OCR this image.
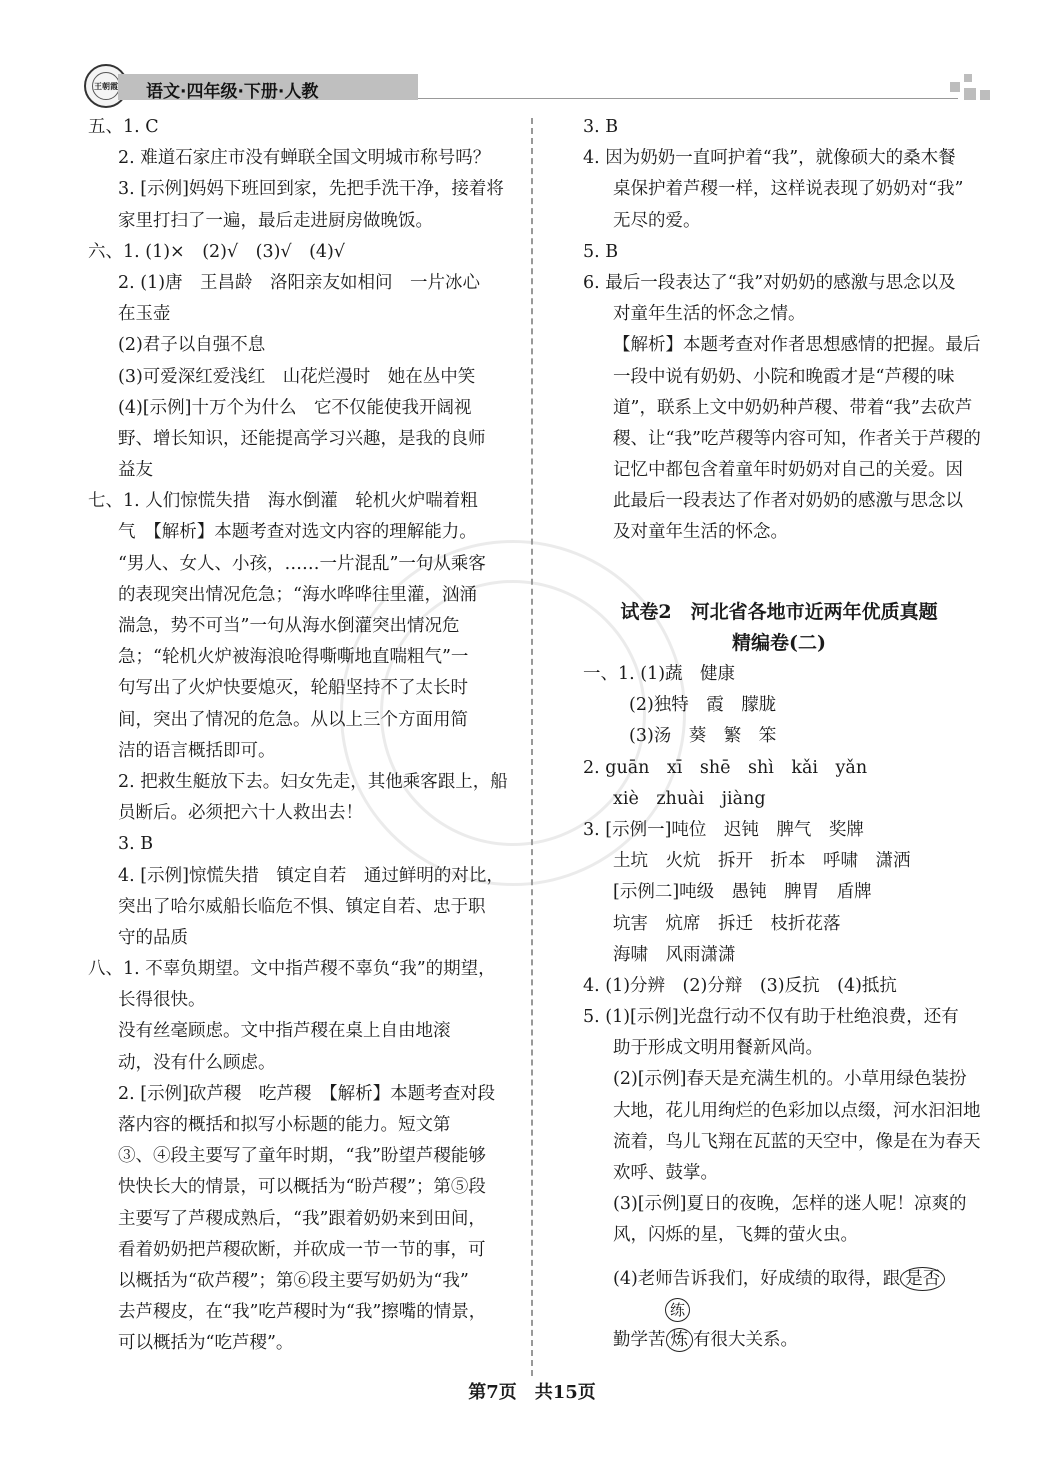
王朝霞 语文·四年级·下册·人教
五、1. C
2. 难道石家庄市没有蝉联全国文明城市称号吗？
3. [示例]妈妈下班回到家，先把手洗干净，接着将
家里打扫了一遍，最后走进厨房做晚饭。
六、1. (1)×　(2)√　(3)√　(4)√
2. (1)唐　王昌龄　洛阳亲友如相问　一片冰心
在玉壶
(2)君子以自强不息
(3)可爱深红爱浅红　山花烂漫时　她在丛中笑
(4)[示例]十万个为什么　它不仅能使我开阔视
野、增长知识，还能提高学习兴趣，是我的良师
益友
七、1. 人们惊慌失措　海水倒灌　轮机火炉喘着粗
气　【解析】本题考查对选文内容的理解能力。
“男人、女人、小孩，……一片混乱”一句从乘客
的表现突出情况危急；“海水哗哗往里灌，汹涌
湍急，势不可当”一句从海水倒灌突出情况危
急；“轮机火炉被海浪呛得嘶嘶地直喘粗气”一
句写出了火炉快要熄灭，轮船坚持不了太长时
间，突出了情况的危急。从以上三个方面用简
洁的语言概括即可。
2. 把救生艇放下去。妇女先走，其他乘客跟上，船
员断后。必须把六十人救出去！
3. B
4. [示例]惊慌失措　镇定自若　通过鲜明的对比，
突出了哈尔威船长临危不惧、镇定自若、忠于职
守的品质
八、1. 不辜负期望。文中指芦稷不辜负“我”的期望，
长得很快。
没有丝毫顾虑。文中指芦稷在桌上自由地滚
动，没有什么顾虑。
2. [示例]砍芦稷　吃芦稷　【解析】本题考查对段
落内容的概括和拟写小标题的能力。短文第
③、④段主要写了童年时期，“我”盼望芦稷能够
快快长大的情景，可以概括为“盼芦稷”；第⑤段
主要写了芦稷成熟后，“我”跟着奶奶来到田间，
看着奶奶把芦稷砍断，并砍成一节一节的事，可
以概括为“砍芦稷”；第⑥段主要写奶奶为“我”
去芦稷皮，在“我”吃芦稷时为“我”擦嘴的情景，
可以概括为“吃芦稷”。
3. B
4. 因为奶奶一直呵护着“我”，就像硕大的桑木餐
桌保护着芦稷一样，这样说表现了奶奶对“我”
无尽的爱。
5. B
6. 最后一段表达了“我”对奶奶的感激与思念以及
对童年生活的怀念之情。
【解析】本题考查对作者思想感情的把握。最后
一段中说有奶奶、小院和晚霞才是“芦稷的味
道”，联系上文中奶奶种芦稷、带着“我”去砍芦
稷、让“我”吃芦稷等内容可知，作者关于芦稷的
记忆中都包含着童年时奶奶对自己的关爱。因
此最后一段表达了作者对奶奶的感激与思念以
及对童年生活的怀念。
试卷2　河北省各地市近两年优质真题
精编卷(二)
一、1. (1)蔬　健康
(2)独特　霞　朦胧
(3)汤　葵　繁　笨
2. guān　xī　shē　shì　kǎi　yǎn
xiè　zhuài　jiàng
3. [示例一]吨位　迟钝　脾气　奖牌
土坑　火炕　拆开　折本　呼啸　潇洒
[示例二]吨级　愚钝　脾胃　盾牌
坑害　炕席　拆迁　枝折花落
海啸　风雨潇潇
4. (1)分辨　(2)分辩　(3)反抗　(4)抵抗
5. (1)[示例]光盘行动不仅有助于杜绝浪费，还有
助于形成文明用餐新风尚。
(2)[示例]春天是充满生机的。小草用绿色装扮
大地，花儿用绚烂的色彩加以点缀，河水汩汩地
流着，鸟儿飞翔在瓦蓝的天空中，像是在为春天
欢呼、鼓掌。
(3)[示例]夏日的夜晚，怎样的迷人呢！凉爽的
风，闪烁的星，飞舞的萤火虫。
(4)老师告诉我们，好成绩的取得，跟 是否
练
勤学苦 炼 有很大关系。
第7页　共15页
